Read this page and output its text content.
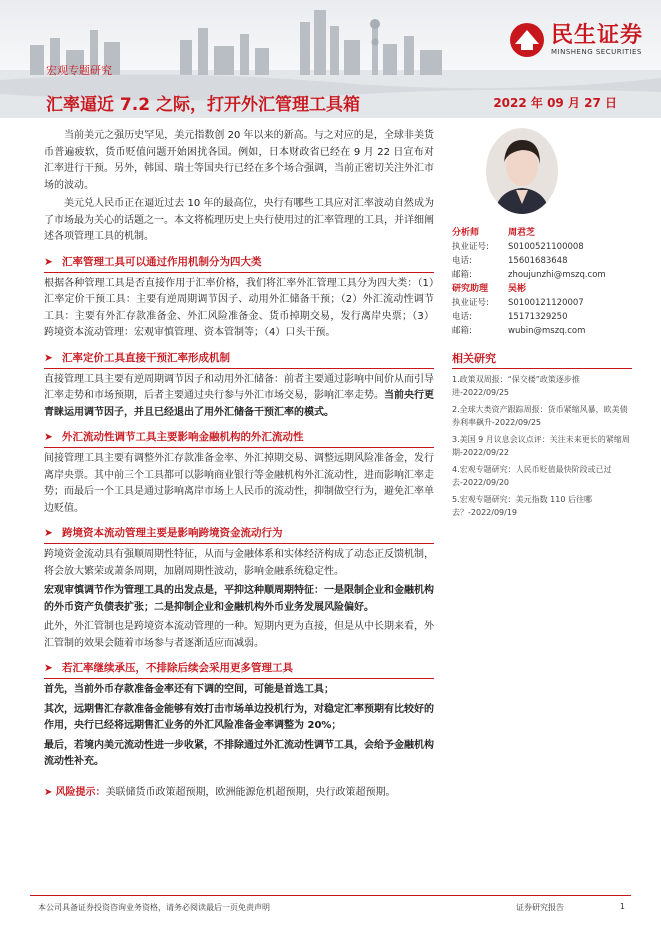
民生证券
MINSHENG SECURITIES
宏观专题研究
汇率逼近 7.2 之际，打开外汇管理工具箱	2022 年 09 月 27 日

当前美元之强历史罕见，美元指数创 20 年以来的新高。与之对应的是，全球非美货币普遍疲软，货币贬值问题开始困扰各国。例如，日本财政省已经在 9 月 22 日宣布对汇率进行干预。另外，韩国、瑞士等国央行已经在多个场合强调，当前正密切关注外汇市场的波动。

美元兑人民币正在逼近过去 10 年的最高位，央行有哪些工具应对汇率波动自然成为了市场最为关心的话题之一。本文将梳理历史上央行使用过的汇率管理的工具，并详细阐述各项管理工具的机制。

➤ 汇率管理工具可以通过作用机制分为四大类

根据各种管理工具是否直接作用于汇率价格，我们将汇率外汇管理工具分为四大类：（1）汇率定价干预工具：主要有逆周期调节因子、动用外汇储备干预；（2）外汇流动性调节工具：主要有外汇存款准备金、外汇风险准备金、货币掉期交易，发行离岸央票；（3）跨境资本流动管理：宏观审慎管理、资本管制等；（4）口头干预。

➤ 汇率定价工具直接干预汇率形成机制

直接管理工具主要有逆周期调节因子和动用外汇储备：前者主要通过影响中间价从而引导汇率走势和市场预期，后者主要通过央行参与外汇市场交易，影响汇率走势。当前央行更青睐运用调节因子，并且已经退出了用外汇储备干预汇率的模式。

➤ 外汇流动性调节工具主要影响金融机构的外汇流动性

间接管理工具主要有调整外汇存款准备金率、外汇掉期交易、调整远期风险准备金，发行离岸央票。其中前三个工具都可以影响商业银行等金融机构外汇流动性，进而影响汇率走势；而最后一个工具是通过影响离岸市场上人民币的流动性，抑制做空行为，避免汇率单边贬值。

➤ 跨境资本流动管理主要是影响跨境资金流动行为

跨境资金流动具有强顺周期性特征，从而与金融体系和实体经济构成了动态正反馈机制，将会放大繁荣或萧条周期，加剧周期性波动，影响金融系统稳定性。

宏观审慎调节作为管理工具的出发点是，平抑这种顺周期特征：一是限制企业和金融机构的外币资产负债表扩张；二是抑制企业和金融机构外币业务发展风险偏好。

此外，外汇管制也是跨境资本流动管理的一种。短期内更为直接，但是从中长期来看，外汇管制的效果会随着市场参与者逐渐适应而减弱。

➤ 若汇率继续承压，不排除后续会采用更多管理工具

首先，当前外币存款准备金率还有下调的空间，可能是首选工具；

其次，远期售汇存款准备金能够有效打击市场单边投机行为，对稳定汇率预期有比较好的作用，央行已经将远期售汇业务的外汇风险准备金率调整为 20%；

最后，若境内美元流动性进一步收紧，不排除通过外汇流动性调节工具，会给予金融机构流动性补充。

➤ 风险提示：美联储货币政策超预期，欧洲能源危机超预期，央行政策超预期。
分析师	周君芝
执业证号:	S0100521100008
电话:	15601683648
邮箱:	zhoujunzhi@mszq.com
研究助理	吴彬
执业证号:	S0100121120007
电话:	15171329250
邮箱:	wubin@mszq.com
相关研究
1.政策双周报：“保交楼”政策逐步推进-2022/09/25
2.全球大类资产跟踪周报：货币紧缩风暴，欧美债券利率飙升-2022/09/25
3.美国 9 月议息会议点评：关注未来更长的紧缩周期-2022/09/22
4.宏观专题研究：人民币贬值最快阶段或已过去-2022/09/20
5.宏观专题研究：美元指数 110 后往哪去？-2022/09/19
本公司具备证券投资咨询业务资格，请务必阅读最后一页免责声明	证券研究报告	1
